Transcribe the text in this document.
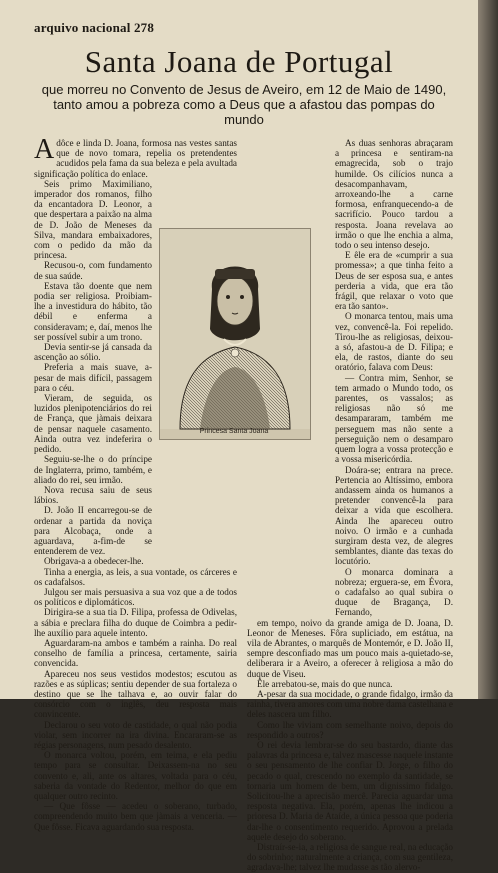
arquivo nacional 278
Santa Joana de Portugal
que morreu no Convento de Jesus de Aveiro, em 12 de Maio de 1490, tanto amou a pobreza como a Deus que a afastou das pompas do mundo

Adôce e linda D. Joana, formosa nas vestes santas que de novo tomara, repelia os pretendentes acudidos pela fama da sua beleza e pela avultada significação política do enlace.

Seis primo Maximiliano, imperador dos romanos, filho da encantadora D. Leonor, a que despertara a paixão na alma de D. João de Meneses da Silva, mandara embaixadores, com o pedido da mão da princesa.

Recusou-o, com fundamento de sua saúde.

Estava tão doente que nem podia ser religiosa. Proibiam-lhe a investidura do hábito, tão débil e enferma a consideravam; e, daí, menos lhe ser possível subir a um trono.

Devia sentir-se já cansada da ascenção ao sólio.

Preferia a mais suave, a-pesar de mais difícil, passagem para o céu.

Vieram, de seguida, os luzidos plenipotenciários do rei de França, que jàmais deixara de pensar naquele casamento. Ainda outra vez indeferira o pedido.

Seguiu-se-lhe o do príncipe de Inglaterra, primo, também, e aliado do rei, seu irmão.

Nova recusa saiu de seus lábios.

D. João II encarregou-se de ordenar a partida da noviça para Alcobaça, onde a aguardava, a-fim-de se entenderem de vez.

Obrigava-a a obedecer-lhe.

Tinha a energia, as leis, a sua vontade, os cárceres e os cadafalsos.

Julgou ser mais persuasiva a sua voz que a de todos os políticos e diplomáticos.

Dirigira-se a sua tia D. Filipa, professa de Odivelas, a sábia e preclara filha do duque de Coimbra a pedir-lhe auxílio para aquele intento.

Aguardaram-na ambos e também a rainha. Do real conselho de família a princesa, certamente, sairia convencida.

Apareceu nos seus vestidos modestos; escutou as razões e as súplicas; sentiu depender de sua fortaleza o destino que se lhe talhava e, ao ouvir falar do consórcio com o inglês, deu resposta mais convincente.

Declarou o seu voto de castidade, o qual não podia violar, sem incorrer na ira divina. Encararam-se as régias personagens, num pesado desalento.

O monarca voltou, porém, em teima, e ela pediu tempo para se consultar. Deixassem-na no seu convento e, ali, ante os altares, voltada para o céu, saberia da vontade do Redentor, melhor do que em qualquer outro recinto.

— Que fôsse — acedeu o soberano, turbado, compreendendo muito bem que jàmais a venceria. — Que fôsse. Ficava aguardando sua resposta.

As duas senhoras abraçaram a princesa e sentiram-na emagrecida, sob o trajo humilde. Os cilícios nunca a desacompanhavam, arroxeando-lhe a carne formosa, enfranquecendo-a de sacrifício. Pouco tardou a resposta. Joana revelava ao irmão o que lhe enchia a alma, todo o seu intenso desejo.

E êle era de «cumprir a sua promessa»; a que tinha feito a Deus de ser esposa sua, e antes perderia a vida, que era tão frágil, que relaxar o voto que era tão santo».

O monarca tentou, mais uma vez, convencê-la. Foi repelido. Tirou-lhe as religiosas, deixou-a só, afastou-a de D. Filipa; e ela, de rastos, diante do seu oratório, falava com Deus:

— Contra mim, Senhor, se tem armado o Mundo todo, os parentes, os vassalos; as religiosas não só me desampararam, também me perseguem mas não sente a perseguição nem o desamparo quem logra a vossa protecção e a vossa misericórdia.

Doára-se; entrara na prece. Pertencia ao Altíssimo, embora andassem ainda os humanos a pretender convencê-la para deixar a vida que escolhera. Ainda lhe apareceu outro noivo. O irmão e a cunhada surgiram desta vez, de alegres semblantes, diante das texas do locutório.

O monarca dominara a nobreza; erguera-se, em Évora, o cadafalso ao qual subira o duque de Bragança, D. Fernando,

em tempo, noivo da grande amiga de D. Joana, D. Leonor de Meneses. Fôra supliciado, em estátua, na vila de Abrantes, o marquês de Montemór, e D. João II, sempre desconfiado mas um pouco mais a-quietado-se, deliberara ir a Aveiro, a oferecer à religiosa a mão do duque de Viseu.

Êle arrebatou-se, mais do que nunca.

A-pesar da sua mocidade, o grande fidalgo, irmão da rainha, tivera amores com uma nobre dama castelhana e deles nascera um filho.

Como lhe viviam com semelhante noivo, depois do respondido a outros?

O rei devia lembrar-se do seu bastardo, diante das palavras da princesa e, talvez mascesse naquele instante o seu pensamento de lhe confiar D. Jorge, o filho do pecado o qual, crescendo no exemplo da santidade, se tornaria um homem de bem, um dignissimo fidalgo. Solicitou-lhe a aprecisão mercê. Parecia aguardar uma resposta negativa. Ela, porém, apenas lhe indicou a prioresa D. Maria de Ataíde, a única pessoa que poderia dar-lhe o consentimento requerido. Aprovou a prelada aquele desejo do soberano.

Distraír-se-ia, a religiosa de sangue real, na educação do sobrinho; naturalmente a criança, com sua gentileza, agradava-lhe; talvez lhe mudasse as tão alervo-

Princesa Santa Joana
